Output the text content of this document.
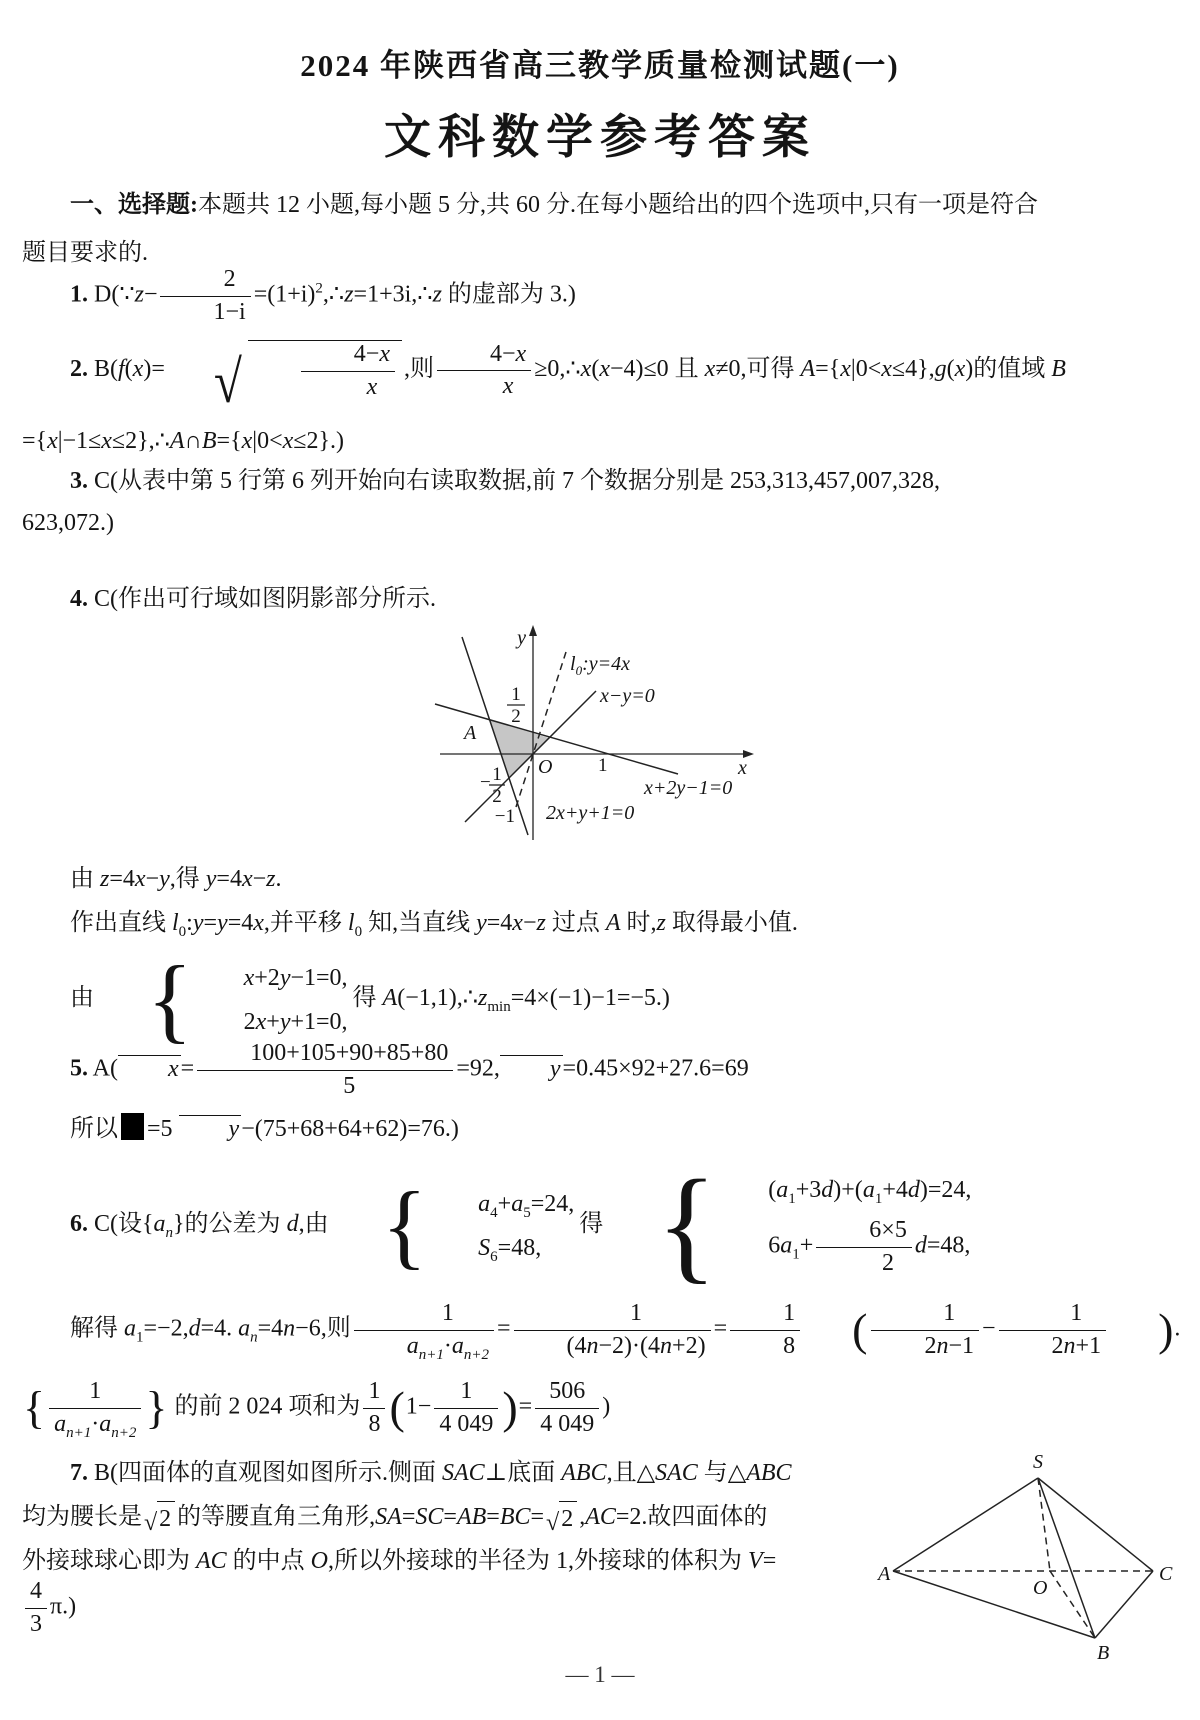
2024 年陕西省高三教学质量检测试题(一)
文科数学参考答案
一、选择题:本题共 12 小题,每小题 5 分,共 60 分.在每小题给出的四个选项中,只有一项是符合
题目要求的.
1. D(∵z− $\frac{2}{1-i}$ $=(1+i)^2,\therefore z=1+3i,\therefore z$ 的虚部为 3.)
2. B(f(x)= √ $\frac{4-x}{x}$ ,则 $\frac{4-x}{x}$ ≥0,∴x(x−4)≤0 且 x≠0,可得 A={x|0<x≤4},g(x)的值域 B
={x|−1≤x≤2},∴A∩B={x|0<x≤2}.)
3. C(从表中第 5 行第 6 列开始向右读取数据,前 7 个数据分别是 253,313,457,007,328,
623,072.)
4. C(作出可行域如图阴影部分所示.
由 z=4x−y,得 y=4x−z.
作出直线 $l_0:y=y=4x$,并平移 $l_0$ 知,当直线 y=4x−z 过点 A 时,z 取得最小值.
由 {	x+2y−1=0,
2x+y+1=0,
得 $A(-1,1),\therefore z_{min}=4\times(-1)-1=-5$.)
5. A( $x= \frac{100+105+90+85+80}{5} =92$, y=0.45×92+27.6=69
所以 =5 y−(75+68+64+62)=76.)
6. C(设$\{a_n\}$的公差为 d,由 {	$a_4+a_5=24$,
$S_6=48$,
得 {	$(a_1+3d)+(a_1+4d)=24$,
$6a_1+ \frac{6\times 5}{2} d=48$,
解得 $a_1=-2,d=4$. $a_n=4n-6$,则 $\frac{1}{a_{n+1}\cdot a_{n+2}} = \frac{1}{(4n-2)\cdot(4n+2)} = \frac{1}{8}$ ( $\frac{1}{2n-1} - \frac{1}{2n+1}$ ).
{ $\frac{1}{a_{n+1}\cdot a_{n+2}}$ } 的前 2 024 项和为 $\frac{1}{8} (1- \frac{1}{4 049}$ )= $\frac{506}{4 049}$ )
7. B(四面体的直观图如图所示.侧面 SAC⊥底面 ABC,且△SAC 与△ABC
均为腰长是 √ 2 的等腰直角三角形,SA=SC=AB=BC= √ 2 ,AC=2.故四面体的
外接球球心即为 AC 的中点 O,所以外接球的半径为 1,外接球的体积为 V=
$\frac{4}{3} \pi$.)
y
$l_0:y=4x$
x−y=0
A
O 1	x
x+2y−1=0
2x+y+1=0
−1
1
2
− 1
2
S
A	C
O
B
— 1 —
